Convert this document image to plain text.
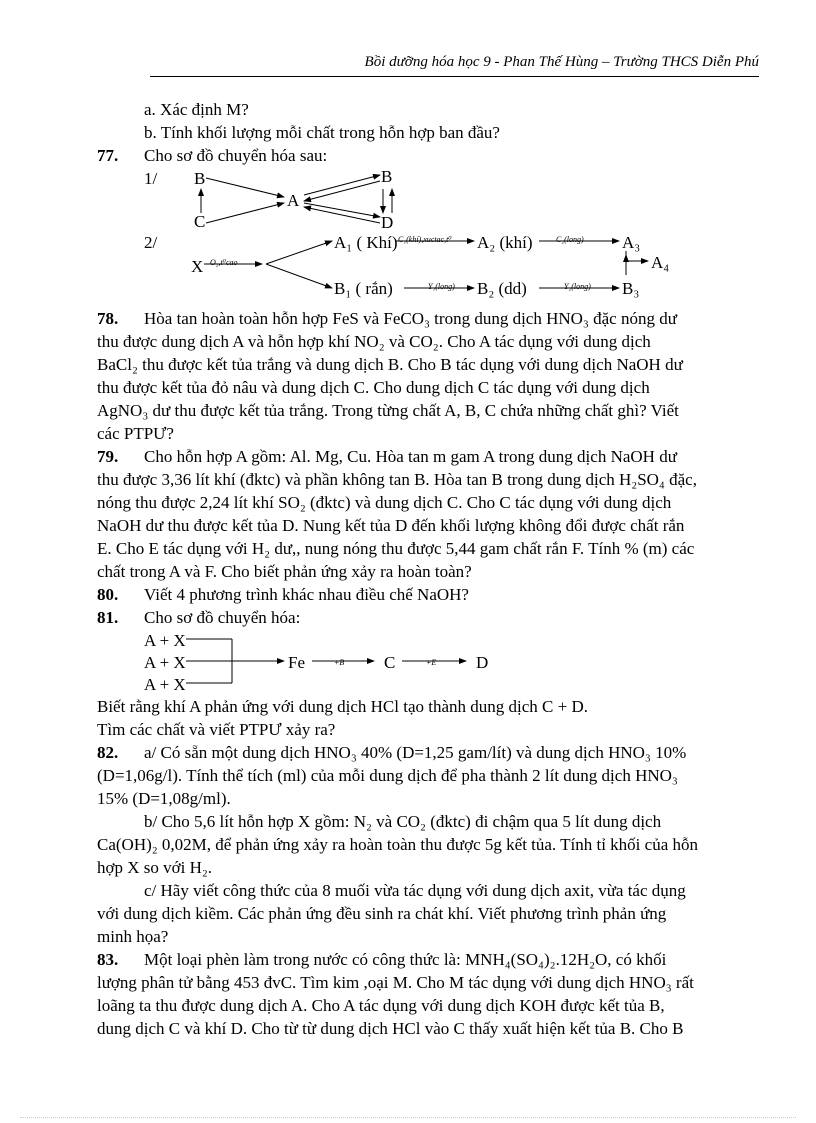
Bồi dưỡng hóa học 9 - Phan Thế Hùng – Trường THCS Diễn Phú

a. Xác định M?

b. Tính khối lượng mỗi chất trong hỗn hợp ban đầu?

77.	Cho sơ đồ chuyển hóa sau:
1/ B
C
A
B
D
2/
X O₂,t⁰cao
A₁ ( Khí) C₁(khí),xuctac,t⁰ A₂ (khí)	C₂(long) A₃
A₄
B₁ ( rắn)	Y₁(long) B₂ (dd)	Y₂(long) B₃
78.	Hòa tan hoàn toàn hỗn hợp FeS và FeCO₃ trong dung dịch HNO₃ đặc nóng dư

thu được dung dịch A và hỗn hợp khí NO₂ và CO₂. Cho A tác dụng với dung dịch

BaCl₂ thu được kết tủa trắng và dung dịch B. Cho B tác dụng với dung dịch NaOH dư

thu được kết tủa đỏ nâu và dung dịch C. Cho dung dịch C tác dụng với dung dịch

AgNO₃ dư thu được kết tủa trắng. Trong từng chất A, B, C chứa những chất ghì? Viết

các PTPƯ?

79.	Cho hỗn hợp A gồm: Al. Mg, Cu. Hòa tan m gam A trong dung dịch NaOH dư

thu được 3,36 lít khí (đktc) và phần không tan B. Hòa tan B trong dung dịch H₂SO₄ đặc,

nóng thu được 2,24 lít khí SO₂ (đktc) và dung dịch C. Cho C tác dụng với dung dịch

NaOH dư thu được kết tủa D. Nung kết tủa D đến khối lượng không đổi được chất rắn

E. Cho E tác dụng với H₂ dư,, nung nóng thu được 5,44 gam chất rắn F. Tính % (m) các

chất trong A và F. Cho biết phản ứng xảy ra hoàn toàn?

80.	Viết 4 phương trình khác nhau điều chế NaOH?
81.	Cho sơ đồ chuyển hóa:
A + X
A + X
A + X
Fe	+B C	+E D

Biết rằng khí A phản ứng với dung dịch HCl tạo thành dung dịch C + D.

Tìm các chất và viết PTPƯ xảy ra?

82.	a/ Có sẵn một dung dịch HNO₃ 40% (D=1,25 gam/lít) và dung dịch HNO₃ 10%

(D=1,06g/l). Tính thể tích (ml) của mỗi dung dịch để pha thành 2 lít dung dịch HNO₃

15% (D=1,08g/ml).

b/ Cho 5,6 lít hỗn hợp X gồm: N₂ và CO₂ (đktc) đi chậm qua 5 lít dung dịch

Ca(OH)₂ 0,02M, để phản ứng xảy ra hoàn toàn thu được 5g kết tủa. Tính tỉ khối của hỗn

hợp X so với H₂.

c/ Hãy viết công thức của 8 muối vừa tác dụng với dung dịch axit, vừa tác dụng

với dung dịch kiềm. Các phản ứng đều sinh ra chát khí. Viết phương trình phản ứng

minh họa?

83.	Một loại phèn làm trong nước có công thức là: MNH₄(SO₄)₂.12H₂O, có khối

lượng phân tử bằng 453 đvC. Tìm kim ,oại M. Cho M tác dụng với dung dịch HNO₃ rất

loãng ta thu được dung dịch A. Cho A tác dụng với dung dịch KOH được kết tủa B,

dung dịch C và khí D. Cho từ từ dung dịch HCl vào C thấy xuất hiện kết tủa B. Cho B
